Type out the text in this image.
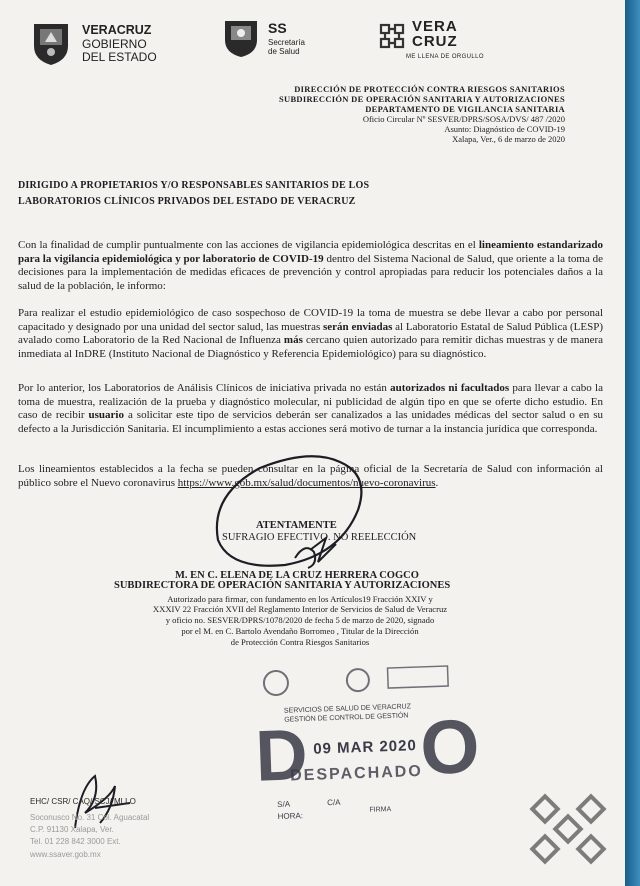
VERACRUZ
GOBIERNO
DEL ESTADO
SS
Secretaría
de Salud
VERA
CRUZ
ME LLENA DE ORGULLO
DIRECCIÓN DE PROTECCIÓN CONTRA RIESGOS SANITARIOS
SUBDIRECCIÓN DE OPERACIÓN SANITARIA Y AUTORIZACIONES
DEPARTAMENTO DE VIGILANCIA SANITARIA
Oficio Circular Nº SESVER/DPRS/SOSA/DVS/ 487 /2020
Asunto: Diagnóstico de COVID-19
Xalapa, Ver., 6 de marzo de 2020
DIRIGIDO A PROPIETARIOS Y/O RESPONSABLES SANITARIOS DE LOS
LABORATORIOS CLÍNICOS PRIVADOS DEL ESTADO DE VERACRUZ

Con la finalidad de cumplir puntualmente con las acciones de vigilancia epidemiológica descritas en el lineamiento estandarizado para la vigilancia epidemiológica y por laboratorio de COVID-19 dentro del Sistema Nacional de Salud, que oriente a la toma de decisiones para la implementación de medidas eficaces de prevención y control apropiadas para reducir los potenciales daños a la salud de la población, le informo:

Para realizar el estudio epidemiológico de caso sospechoso de COVID-19 la toma de muestra se debe llevar a cabo por personal capacitado y designado por una unidad del sector salud, las muestras serán enviadas al Laboratorio Estatal de Salud Pública (LESP) avalado como Laboratorio de la Red Nacional de Influenza más cercano quien autorizado para remitir dichas muestras y de manera inmediata al InDRE (Instituto Nacional de Diagnóstico y Referencia Epidemiológico) para su diagnóstico.

Por lo anterior, los Laboratorios de Análisis Clínicos de iniciativa privada no están autorizados ni facultados para llevar a cabo la toma de muestra, realización de la prueba y diagnóstico molecular, ni publicidad de algún tipo en que se oferte dicho estudio. En caso de recibir usuario a solicitar este tipo de servicios deberán ser canalizados a las unidades médicas del sector salud o en su defecto a la Jurisdicción Sanitaria. El incumplimiento a estas acciones será motivo de turnar a la instancia jurídica que corresponda.

Los lineamientos establecidos a la fecha se pueden consultar en la página oficial de la Secretaría de Salud con información al público sobre el Nuevo coronavirus https://www.gob.mx/salud/documentos/nuevo-coronavirus.

ATENTAMENTE
SUFRAGIO EFECTIVO. NO REELECCIÓN
M. EN C. ELENA DE LA CRUZ HERRERA COGCO
SUBDIRECTORA DE OPERACIÓN SANITARIA Y AUTORIZACIONES
Autorizado para firmar, con fundamento en los Artículos19 Fracción XXIV y
XXXIV 22 Fracción XVII del Reglamento Interior de Servicios de Salud de Veracruz
y oficio no. SESVER/DPRS/1078/2020 de fecha 5 de marzo de 2020, signado
por el M. en C. Bartolo Avendaño Borromeo , Titular de la Dirección
de Protección Contra Riesgos Sanitarios
SERVICIOS DE SALUD DE VERACRUZ
GESTIÓN DE CONTROL DE GESTIÓN
D O
09 MAR 2020
DESPACHADO
S/A	C/A
HORA:
FIRMA
EHC/ CSR/ CAQ/ SCJ/ MLLO
Soconusco No. 31 Col. Aguacatal
C.P. 91130 Xalapa, Ver.
Tel. 01 228 842 3000 Ext.
www.ssaver.gob.mx
